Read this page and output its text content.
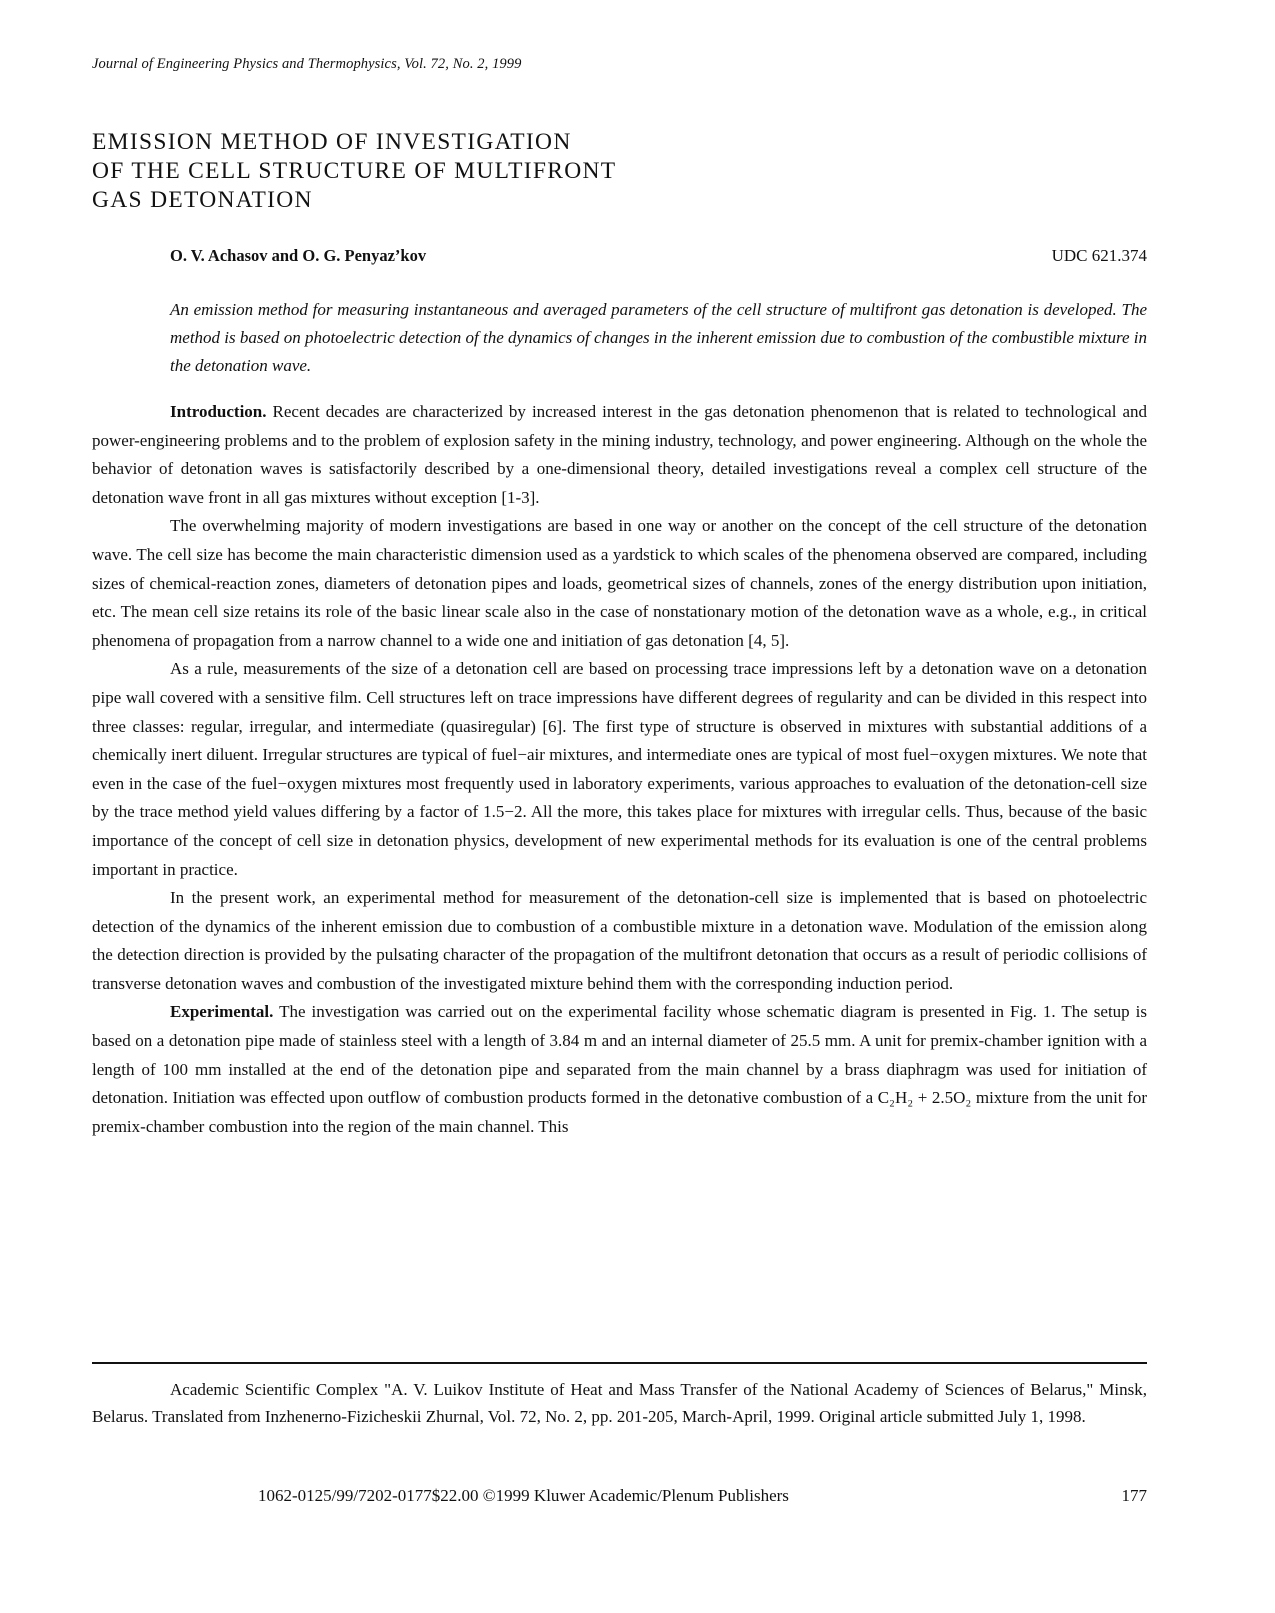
Journal of Engineering Physics and Thermophysics, Vol. 72, No. 2, 1999
EMISSION METHOD OF INVESTIGATION
OF THE CELL STRUCTURE OF MULTIFRONT
GAS DETONATION
O. V. Achasov and O. G. Penyaz’kov	UDC 621.374

An emission method for measuring instantaneous and averaged parameters of the cell structure of multifront gas detonation is developed. The method is based on photoelectric detection of the dynamics of changes in the inherent emission due to combustion of the combustible mixture in the detonation wave.

Introduction. Recent decades are characterized by increased interest in the gas detonation phenomenon that is related to technological and power-engineering problems and to the problem of explosion safety in the mining industry, technology, and power engineering. Although on the whole the behavior of detonation waves is satisfactorily described by a one-dimensional theory, detailed investigations reveal a complex cell structure of the detonation wave front in all gas mixtures without exception [1-3].

The overwhelming majority of modern investigations are based in one way or another on the concept of the cell structure of the detonation wave. The cell size has become the main characteristic dimension used as a yardstick to which scales of the phenomena observed are compared, including sizes of chemical-reaction zones, diameters of detonation pipes and loads, geometrical sizes of channels, zones of the energy distribution upon initiation, etc. The mean cell size retains its role of the basic linear scale also in the case of nonstationary motion of the detonation wave as a whole, e.g., in critical phenomena of propagation from a narrow channel to a wide one and initiation of gas detonation [4, 5].

As a rule, measurements of the size of a detonation cell are based on processing trace impressions left by a detonation wave on a detonation pipe wall covered with a sensitive film. Cell structures left on trace impressions have different degrees of regularity and can be divided in this respect into three classes: regular, irregular, and intermediate (quasiregular) [6]. The first type of structure is observed in mixtures with substantial additions of a chemically inert diluent. Irregular structures are typical of fuel−air mixtures, and intermediate ones are typical of most fuel−oxygen mixtures. We note that even in the case of the fuel−oxygen mixtures most frequently used in laboratory experiments, various approaches to evaluation of the detonation-cell size by the trace method yield values differing by a factor of 1.5−2. All the more, this takes place for mixtures with irregular cells. Thus, because of the basic importance of the concept of cell size in detonation physics, development of new experimental methods for its evaluation is one of the central problems important in practice.

In the present work, an experimental method for measurement of the detonation-cell size is implemented that is based on photoelectric detection of the dynamics of the inherent emission due to combustion of a combustible mixture in a detonation wave. Modulation of the emission along the detection direction is provided by the pulsating character of the propagation of the multifront detonation that occurs as a result of periodic collisions of transverse detonation waves and combustion of the investigated mixture behind them with the corresponding induction period.

Experimental. The investigation was carried out on the experimental facility whose schematic diagram is presented in Fig. 1. The setup is based on a detonation pipe made of stainless steel with a length of 3.84 m and an internal diameter of 25.5 mm. A unit for premix-chamber ignition with a length of 100 mm installed at the end of the detonation pipe and separated from the main channel by a brass diaphragm was used for initiation of detonation. Initiation was effected upon outflow of combustion products formed in the detonative combustion of a C₂H₂ + 2.5O₂ mixture from the unit for premix-chamber combustion into the region of the main channel. This

Academic Scientific Complex "A. V. Luikov Institute of Heat and Mass Transfer of the National Academy of Sciences of Belarus," Minsk, Belarus. Translated from Inzhenerno-Fizicheskii Zhurnal, Vol. 72, No. 2, pp. 201-205, March-April, 1999. Original article submitted July 1, 1998.

1062-0125/99/7202-0177$22.00 ©1999 Kluwer Academic/Plenum Publishers	177
